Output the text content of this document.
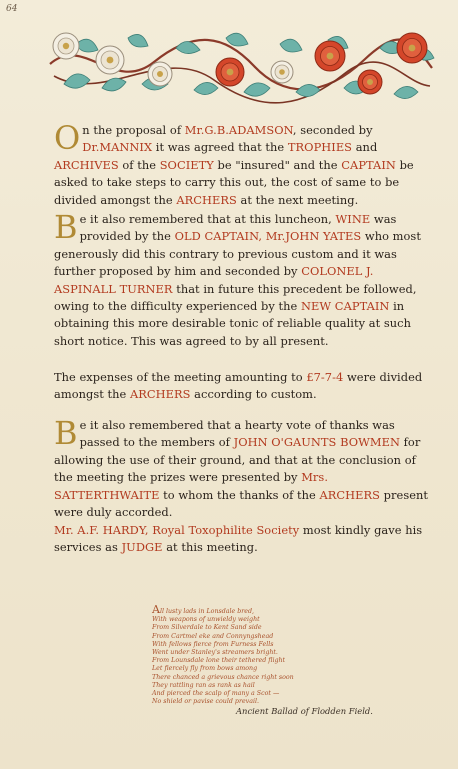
64
On the proposal of Mr.G.B.ADAMSON, seconded by Dr.MANNIX it was agreed that the TROPHIES and ARCHIVES of the SOCIETY be "insured" and the CAPTAIN be asked to take steps to carry this out, the cost of same to be divided amongst the ARCHERS at the next meeting.
Be it also remembered that at this luncheon, WINE was provided by the OLD CAPTAIN, Mr.JOHN YATES who most generously did this contrary to previous custom and it was further proposed by him and seconded by COLONEL J. ASPINALL TURNER that in future this precedent be followed, owing to the difficulty experienced by the NEW CAPTAIN in obtaining this more desirable tonic of reliable quality at such short notice. This was agreed to by all present.
The expenses of the meeting amounting to £7-7-4 were divided amongst the ARCHERS according to custom.
Be it also remembered that a hearty vote of thanks was passed to the members of JOHN O'GAUNTS BOWMEN for allowing the use of their ground, and that at the conclusion of the meeting the prizes were presented by Mrs. SATTERTHWAITE to whom the thanks of the ARCHERS present were duly accorded.
Mr. A.F. HARDY, Royal Toxophilite Society most kindly gave his services as JUDGE at this meeting.
All lusty lads in Lonsdale bred,
With weapons of unwieldy weight
From Silverdale to Kent Sand side
From Cartmel eke and Connyngshead
With fellows fierce from Furness Fells
Went under Stanley's streamers bright.
From Lounsdale lone their tethered flight
Let fiercely fly from bows among
There chanced a grievous chance right soon
They rattling ran as rank as hail
And pierced the scalp of many a Scot —
No shield or pavise could prevail.
Ancient Ballad of Flodden Field.
